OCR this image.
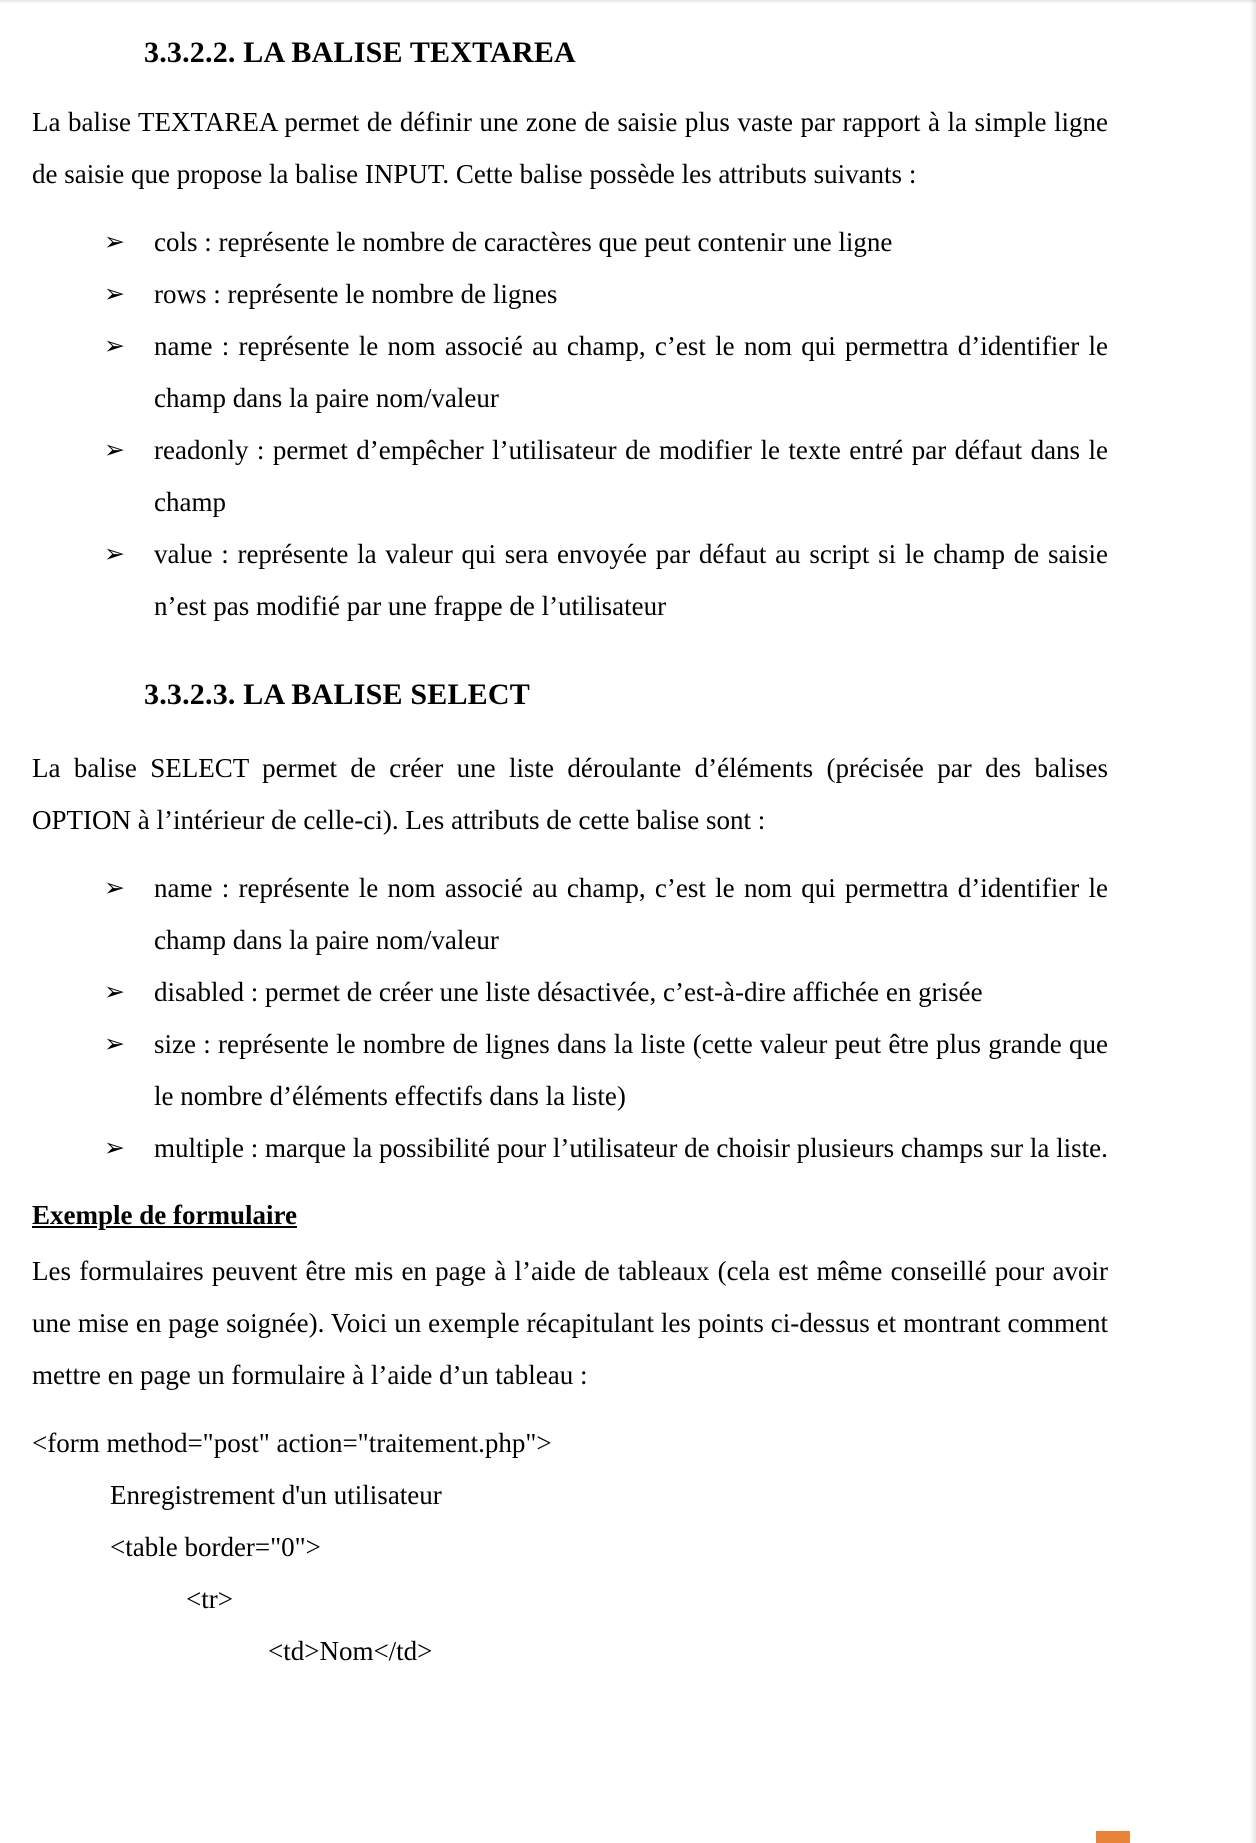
3.3.2.2. LA BALISE TEXTAREA

La balise TEXTAREA permet de définir une zone de saisie plus vaste par rapport à la simple ligne de saisie que propose la balise INPUT. Cette balise possède les attributs suivants :

➢ cols : représente le nombre de caractères que peut contenir une ligne
➢ rows : représente le nombre de lignes
➢ name : représente le nom associé au champ, c’est le nom qui permettra d’identifier le champ dans la paire nom/valeur
➢ readonly : permet d’empêcher l’utilisateur de modifier le texte entré par défaut dans le champ
➢ value : représente la valeur qui sera envoyée par défaut au script si le champ de saisie n’est pas modifié par une frappe de l’utilisateur
3.3.2.3. LA BALISE SELECT

La balise SELECT permet de créer une liste déroulante d’éléments (précisée par des balises OPTION à l’intérieur de celle-ci). Les attributs de cette balise sont :

➢ name : représente le nom associé au champ, c’est le nom qui permettra d’identifier le champ dans la paire nom/valeur
➢ disabled : permet de créer une liste désactivée, c’est-à-dire affichée en grisée
➢ size : représente le nombre de lignes dans la liste (cette valeur peut être plus grande que le nombre d’éléments effectifs dans la liste)
➢ multiple : marque la possibilité pour l’utilisateur de choisir plusieurs champs sur la liste.
Exemple de formulaire

Les formulaires peuvent être mis en page à l’aide de tableaux (cela est même conseillé pour avoir une mise en page soignée). Voici un exemple récapitulant les points ci-dessus et montrant comment mettre en page un formulaire à l’aide d’un tableau :

<form method="post" action="traitement.php">
Enregistrement d'un utilisateur
<table border="0">
<tr>
<td>Nom</td>
